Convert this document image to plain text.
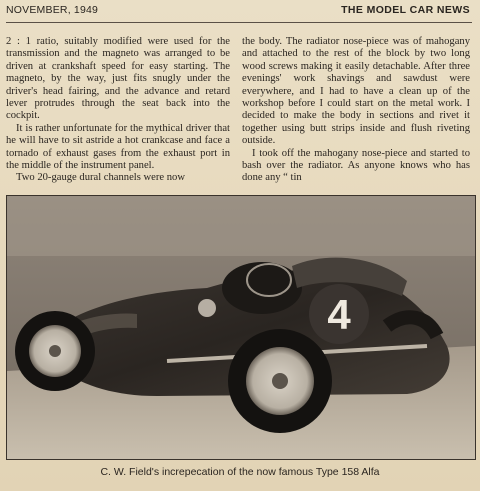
NOVEMBER, 1949	THE MODEL CAR NEWS

2 : 1 ratio, suitably modified were used for the transmission and the magneto was arranged to be driven at crankshaft speed for easy starting. The magneto, by the way, just fits snugly under the driver's head fairing, and the advance and retard lever protrudes through the seat back into the cockpit.

It is rather unfortunate for the mythical driver that he will have to sit astride a hot crankcase and face a tornado of exhaust gases from the exhaust port in the middle of the instrument panel.

Two 20-gauge dural channels were now

the body. The radiator nose-piece was of mahogany and attached to the rest of the block by two long wood screws making it easily detachable. After three evenings' work shavings and sawdust were everywhere, and I had to have a clean up of the workshop before I could start on the metal work. I decided to make the body in sections and rivet it together using butt strips inside and flush riveting outside.

I took off the mahogany nose-piece and started to bash over the radiator. As anyone knows who has done any “ tin

4
C. W. Field's increpecation of the now famous Type 158 Alfa
